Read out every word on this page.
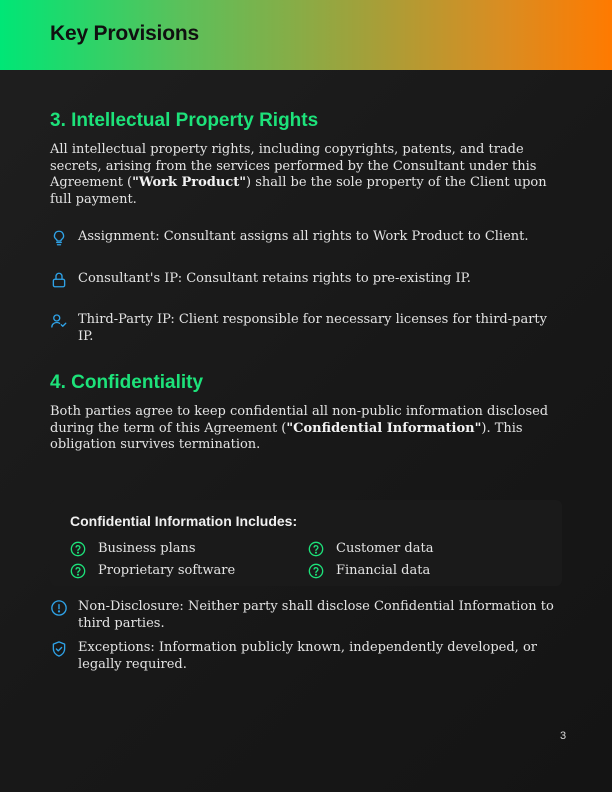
Key Provisions
3. Intellectual Property Rights
All intellectual property rights, including copyrights, patents, and trade secrets, arising from the services performed by the Consultant under this Agreement ("Work Product") shall be the sole property of the Client upon full payment.
Assignment: Consultant assigns all rights to Work Product to Client.
Consultant's IP: Consultant retains rights to pre-existing IP.
Third-Party IP: Client responsible for necessary licenses for third-party IP.
4. Confidentiality
Both parties agree to keep confidential all non-public information disclosed during the term of this Agreement ("Confidential Information"). This obligation survives termination.
Confidential Information Includes:
Business plans	Customer data
Proprietary software	Financial data
Non-Disclosure: Neither party shall disclose Confidential Information to third parties.
Exceptions: Information publicly known, independently developed, or legally required.
3
